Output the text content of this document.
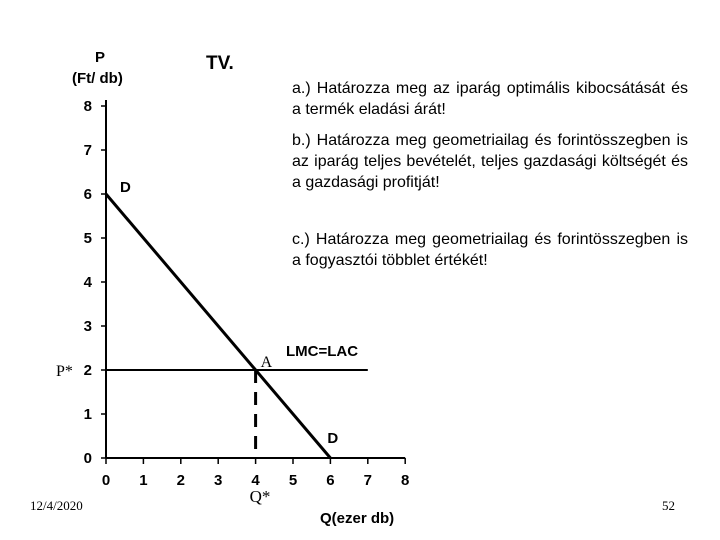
TV.
P
(Ft/ db)
Q(ezer db)
0 1 2 3 4 5 6 7 8
0
1
2
3
4
5
6
7
8
D
D
LMC=LAC
A
P*
Q*
a.) Határozza meg az iparág optimális kibocsátását és a termék eladási árát!
b.) Határozza meg geometriailag és forintösszegben is az iparág teljes bevételét, teljes gazdasági költségét és a gazdasági profitját!
c.) Határozza meg geometriailag és forintösszegben is a fogyasztói többlet értékét!
12/4/2020	52
